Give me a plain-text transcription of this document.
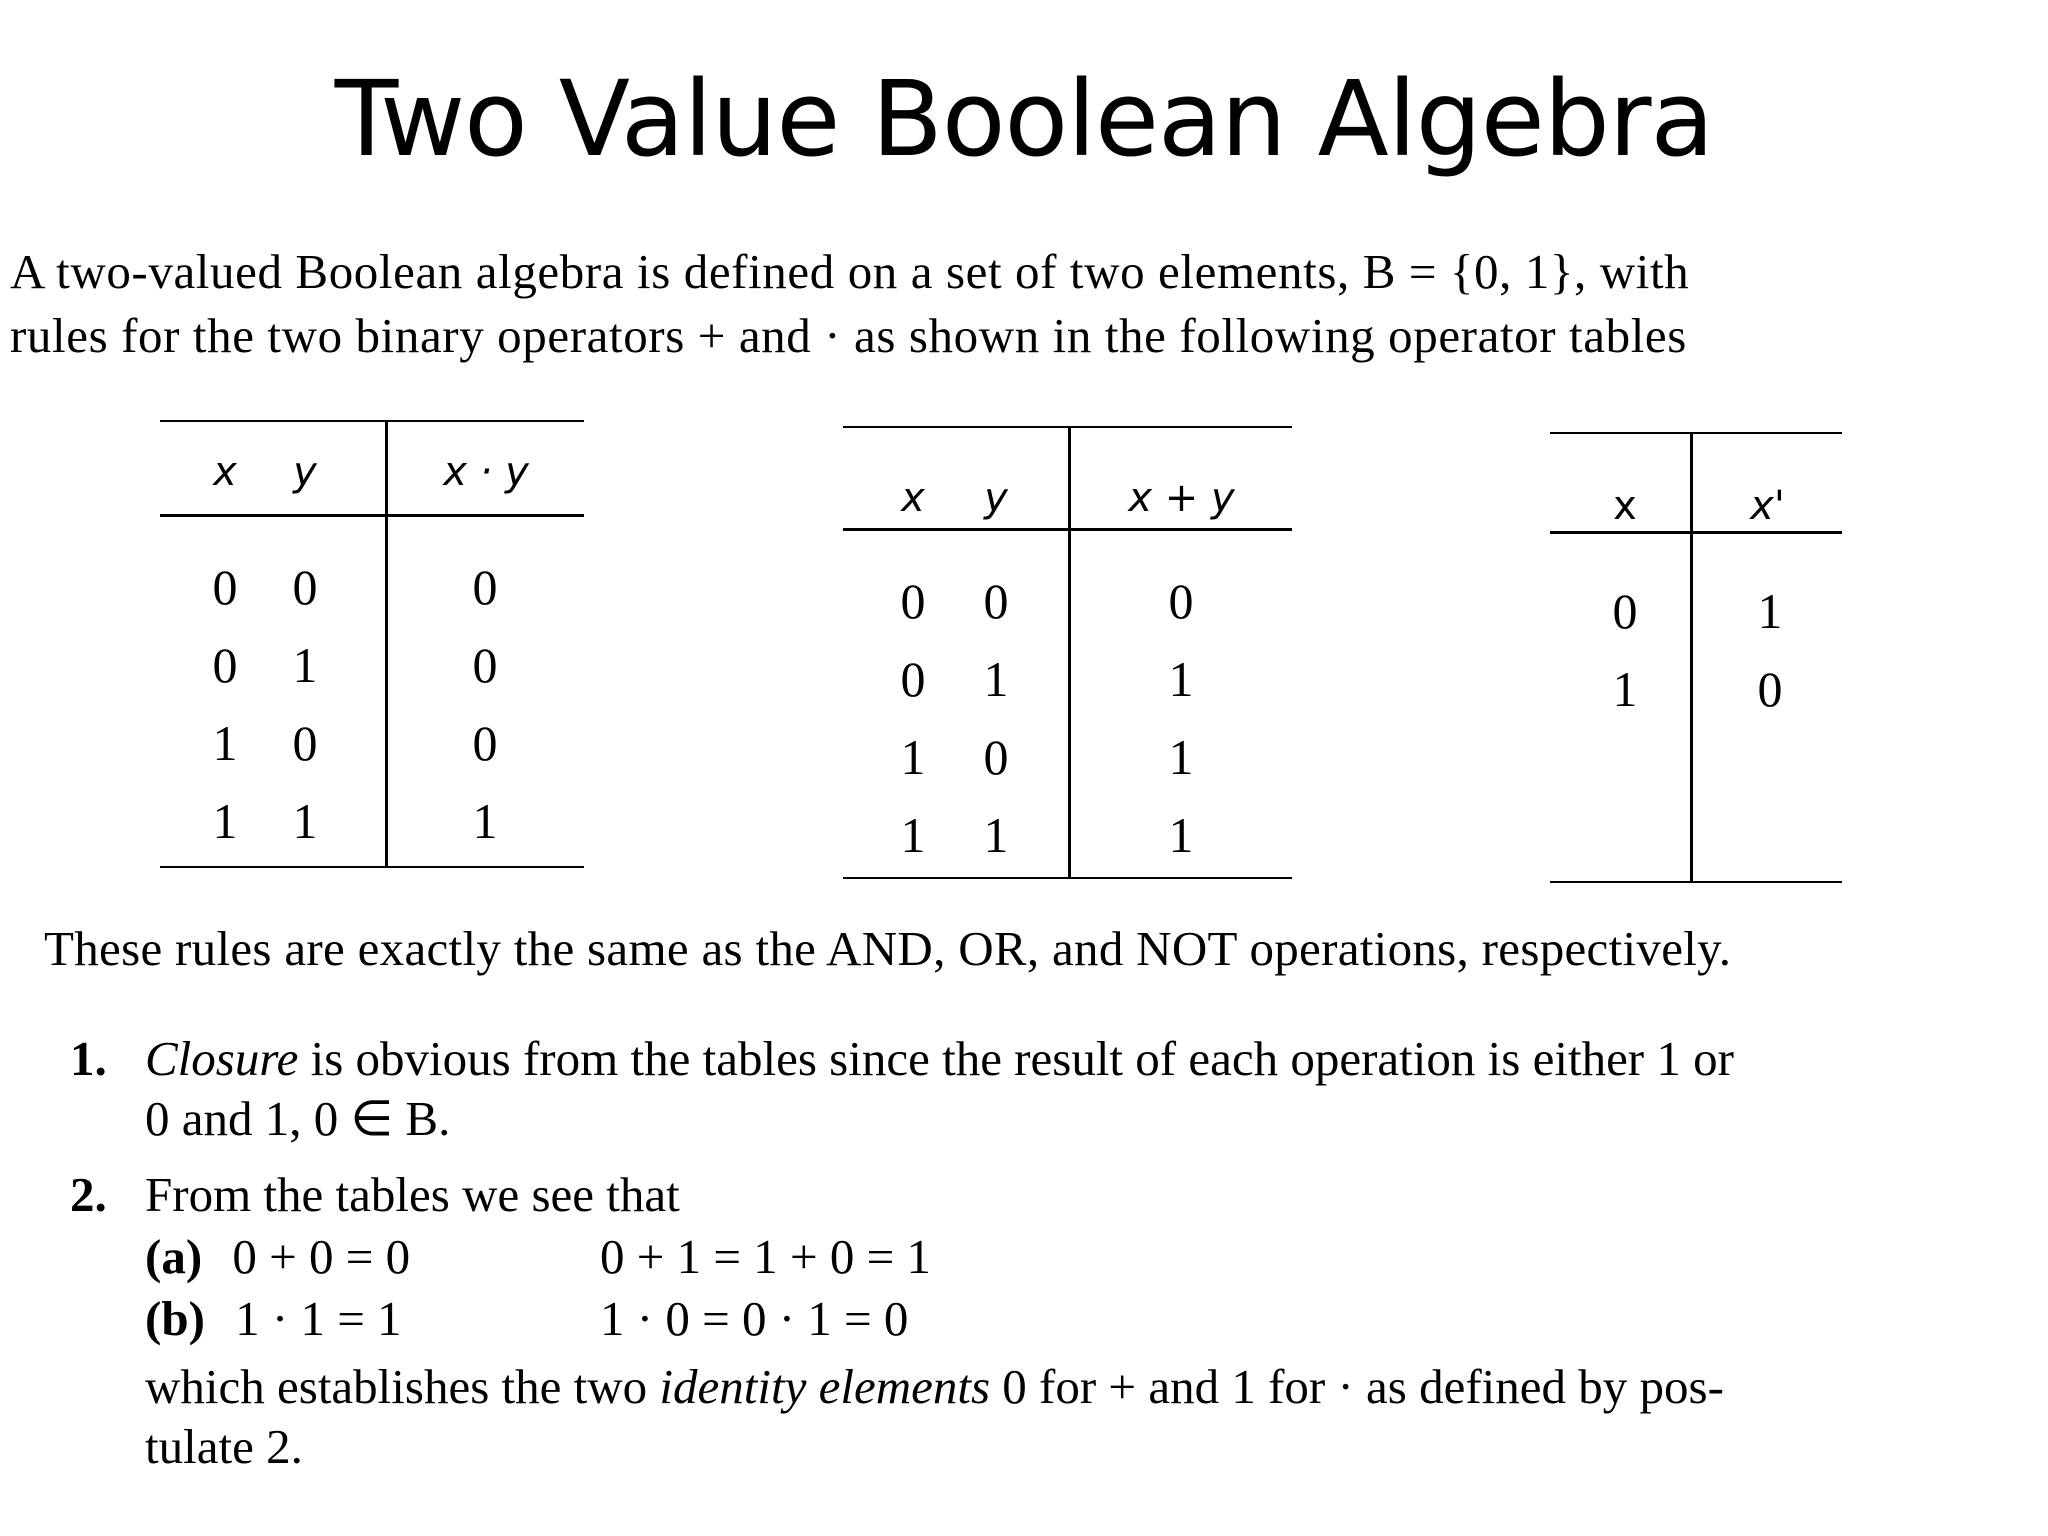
Two Value Boolean Algebra
A two-valued Boolean algebra is defined on a set of two elements, B = {0, 1}, with
rules for the two binary operators + and · as shown in the following operator tables
x	y	x · y
0 0	0
0 1	0
1 0	0
1 1	1
x	y	x + y
0 0	0
0 1	1
1 0	1
1 1	1
x	x'
0 1
1 0
These rules are exactly the same as the AND, OR, and NOT operations, respectively.
1. Closure is obvious from the tables since the result of each operation is either 1 or
0 and 1, 0 ∈ B.
2. From the tables we see that
(a) 0 + 0 = 0	0 + 1 = 1 + 0 = 1
(b) 1 · 1 = 1	1 · 0 = 0 · 1 = 0
which establishes the two identity elements 0 for + and 1 for · as defined by pos-
tulate 2.
